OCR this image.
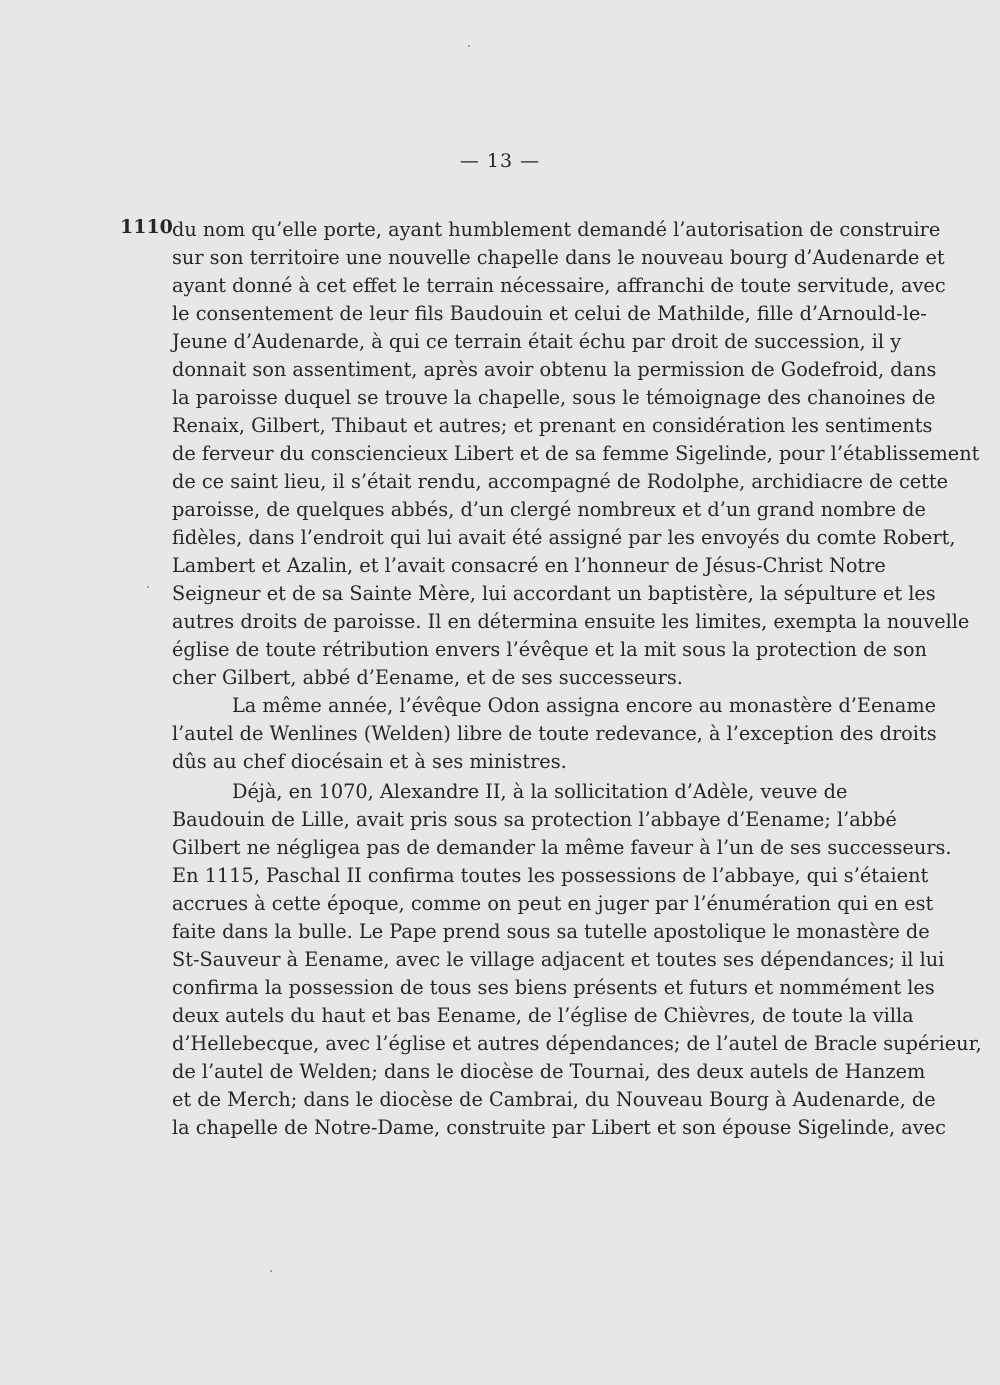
— 13 —
1110 du nom qu’elle porte, ayant humblement demandé l’autorisation de construire
sur son territoire une nouvelle chapelle dans le nouveau bourg d’Audenarde et
ayant donné à cet effet le terrain nécessaire, affranchi de toute servitude, avec
le consentement de leur fils Baudouin et celui de Mathilde, fille d’Arnould-le-
Jeune d’Audenarde, à qui ce terrain était échu par droit de succession, il y
donnait son assentiment, après avoir obtenu la permission de Godefroid, dans
la paroisse duquel se trouve la chapelle, sous le témoignage des chanoines de
Renaix, Gilbert, Thibaut et autres; et prenant en considération les sentiments
de ferveur du consciencieux Libert et de sa femme Sigelinde, pour l’établissement
de ce saint lieu, il s’était rendu, accompagné de Rodolphe, archidiacre de cette
paroisse, de quelques abbés, d’un clergé nombreux et d’un grand nombre de
fidèles, dans l’endroit qui lui avait été assigné par les envoyés du comte Robert,
Lambert et Azalin, et l’avait consacré en l’honneur de Jésus-Christ Notre
Seigneur et de sa Sainte Mère, lui accordant un baptistère, la sépulture et les
autres droits de paroisse. Il en détermina ensuite les limites, exempta la nouvelle
église de toute rétribution envers l’évêque et la mit sous la protection de son
cher Gilbert, abbé d’Eename, et de ses successeurs.
La même année, l’évêque Odon assigna encore au monastère d’Eename
l’autel de Wenlines (Welden) libre de toute redevance, à l’exception des droits
dûs au chef diocésain et à ses ministres.
Déjà, en 1070, Alexandre II, à la sollicitation d’Adèle, veuve de
Baudouin de Lille, avait pris sous sa protection l’abbaye d’Eename; l’abbé
Gilbert ne négligea pas de demander la même faveur à l’un de ses successeurs.
En 1115, Paschal II confirma toutes les possessions de l’abbaye, qui s’étaient
accrues à cette époque, comme on peut en juger par l’énumération qui en est
faite dans la bulle. Le Pape prend sous sa tutelle apostolique le monastère de
St-Sauveur à Eename, avec le village adjacent et toutes ses dépendances; il lui
confirma la possession de tous ses biens présents et futurs et nommément les
deux autels du haut et bas Eename, de l’église de Chièvres, de toute la villa
d’Hellebecque, avec l’église et autres dépendances; de l’autel de Bracle supérieur,
de l’autel de Welden; dans le diocèse de Tournai, des deux autels de Hanzem
et de Merch; dans le diocèse de Cambrai, du Nouveau Bourg à Audenarde, de
la chapelle de Notre-Dame, construite par Libert et son épouse Sigelinde, avec
